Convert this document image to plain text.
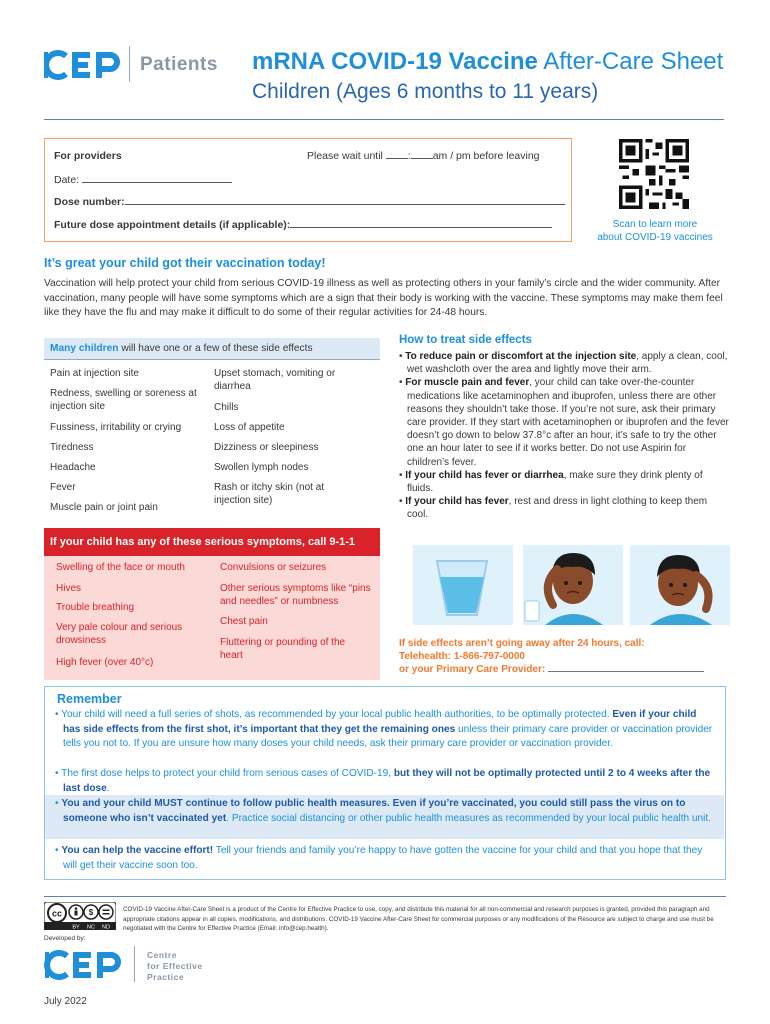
Patients mRNA COVID-19 Vaccine After-Care Sheet
Children (Ages 6 months to 11 years)
For providers	Please wait until : am / pm before leaving
Date:
Dose number:
Future dose appointment details (if applicable):	Scan to learn more
about COVID-19 vaccines
It’s great your child got their vaccination today!
Vaccination will help protect your child from serious COVID-19 illness as well as protecting others in your family’s circle and the wider community. After vaccination, many people will have some symptoms which are a sign that their body is working with the vaccine. These symptoms may make them feel like they have the flu and may make it difficult to do some of their regular activities for 24-48 hours.
Many children will have one or a few of these side effects
Pain at injection site
Redness, swelling or soreness at injection site
Fussiness, irritability or crying
Tiredness
Headache
Fever
Muscle pain or joint pain
Upset stomach, vomiting or diarrhea
Chills
Loss of appetite
Dizziness or sleepiness
Swollen lymph nodes
Rash or itchy skin (not at injection site)
If your child has any of these serious symptoms, call 9-1-1
Swelling of the face or mouth
Hives
Trouble breathing
Very pale colour and serious drowsiness
High fever (over 40°c)
Convulsions or seizures
Other serious symptoms like “pins and needles” or numbness
Chest pain
Fluttering or pounding of the heart
How to treat side effects
• To reduce pain or discomfort at the injection site, apply a clean, cool, wet washcloth over the area and lightly move their arm.
• For muscle pain and fever, your child can take over-the-counter medications like acetaminophen and ibuprofen, unless there are other reasons they shouldn’t take those. If you’re not sure, ask their primary care provider. If they start with acetaminophen or ibuprofen and the fever doesn’t go down to below 37.8°c after an hour, it’s safe to try the other one an hour later to see if it works better. Do not use Aspirin for children’s fever.
• If your child has fever or diarrhea, make sure they drink plenty of fluids.
• If your child has fever, rest and dress in light clothing to keep them cool.
If side effects aren’t going away after 24 hours, call:
Telehealth: 1-866-797-0000
or your Primary Care Provider:
Remember
• Your child will need a full series of shots, as recommended by your local public health authorities, to be optimally protected. Even if your child has side effects from the first shot, it’s important that they get the remaining ones unless their primary care provider or vaccination provider tells you not to. If you are unsure how many doses your child needs, ask their primary care provider or vaccination provider.
• The first dose helps to protect your child from serious cases of COVID-19, but they will not be optimally protected until 2 to 4 weeks after the last dose.
• You and your child MUST continue to follow public health measures. Even if you’re vaccinated, you could still pass the virus on to someone who isn’t vaccinated yet. Practice social distancing or other public health measures as recommended by your local public health unit.
• You can help the vaccine effort! Tell your friends and family you’re happy to have gotten the vaccine for your child and that you hope that they will get their vaccine soon too.
cc	$
BY NC ND
COVID-19 Vaccine After-Care Sheet is a product of the Centre for Effective Practice to use, copy, and distribute this material for all non-commercial and research purposes is granted, provided this paragraph and appropriate citations appear in all copies, modifications, and distributions. COVID-19 Vaccine After-Care Sheet for commercial purposes or any modifications of the Resource are subject to charge and use must be negotiated with the Centre for Effective Practice (Email: info@cep.health).
Developed by:
Centre
for Effective
Practice
July 2022
